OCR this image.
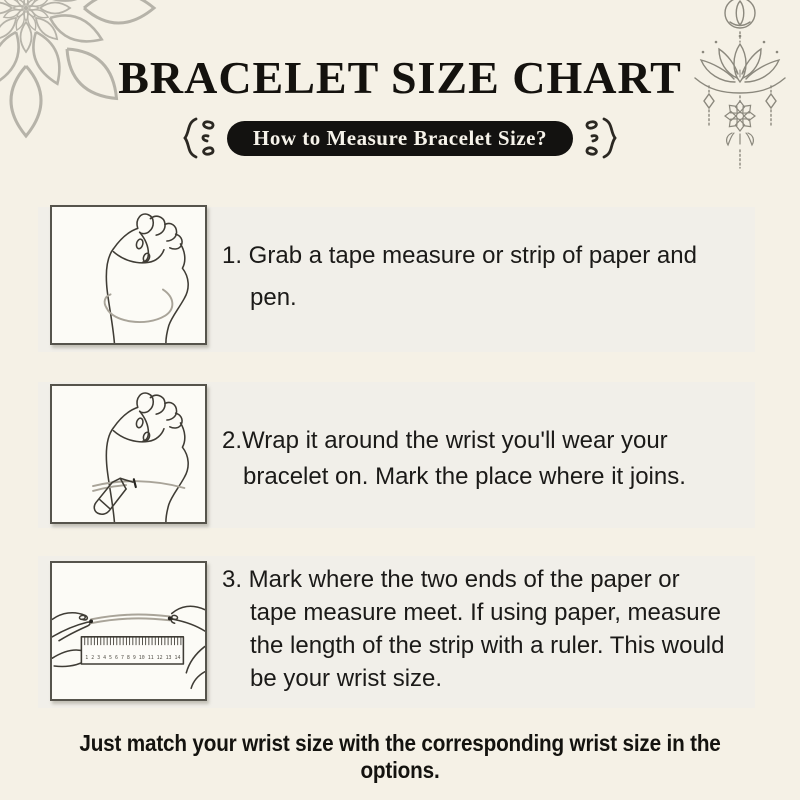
BRACELET SIZE CHART
How to Measure Bracelet Size?
1 2 3 4 5 6 7 8 9 10 11 12 13 14
1. Grab a tape measure or strip of paper and
pen.
2.Wrap it around the wrist you'll wear your
bracelet on. Mark the place where it joins.
3. Mark where the two ends of the paper or
tape measure meet. If using paper, measure
the length of the strip with a ruler. This would
be your wrist size.
Just match your wrist size with the corresponding wrist size in the options.
